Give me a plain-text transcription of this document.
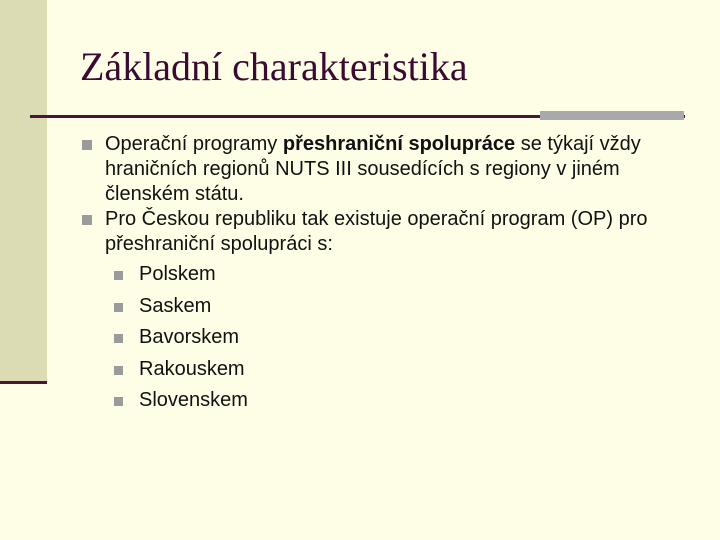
Základní charakteristika
Operační programy přeshraniční spolupráce se týkají vždy hraničních regionů NUTS III sousedících s regiony v jiném členském státu.
Pro Českou republiku tak existuje operační program (OP) pro přeshraniční spolupráci s:
Polskem
Saskem
Bavorskem
Rakouskem
Slovenskem
